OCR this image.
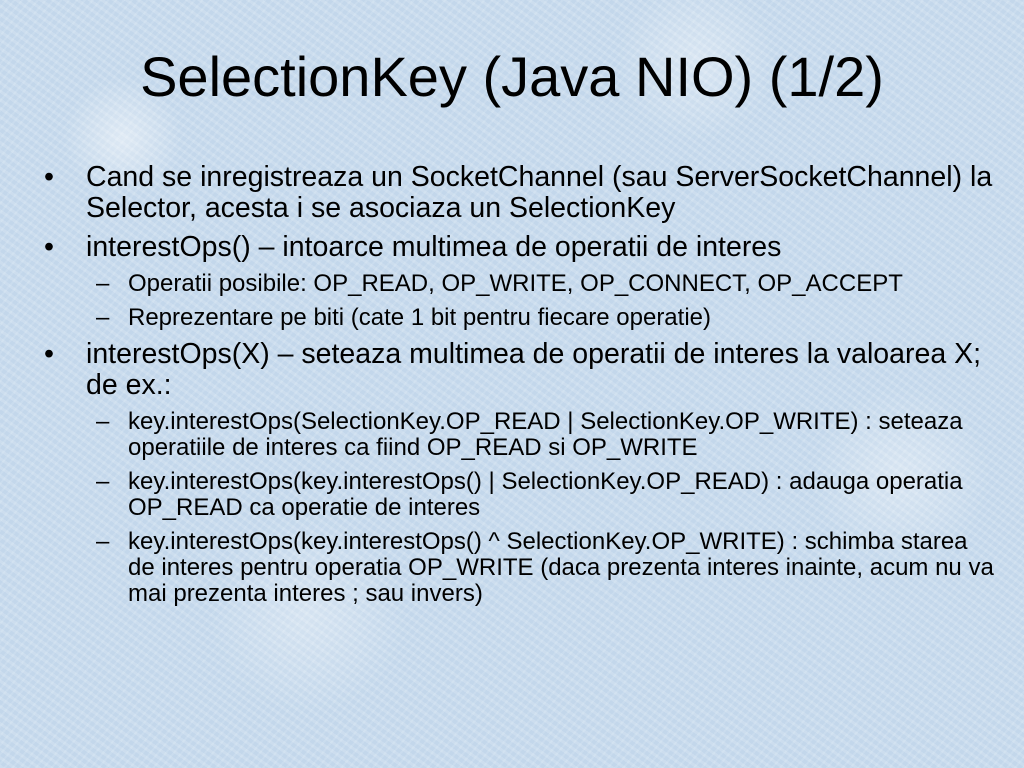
SelectionKey (Java NIO) (1/2)
• Cand se inregistreaza un SocketChannel (sau ServerSocketChannel) la Selector, acesta i se asociaza un SelectionKey
• interestOps() – intoarce multimea de operatii de interes
– Operatii posibile: OP_READ, OP_WRITE, OP_CONNECT, OP_ACCEPT
– Reprezentare pe biti (cate 1 bit pentru fiecare operatie)
• interestOps(X) – seteaza multimea de operatii de interes la valoarea X; de ex.:
– key.interestOps(SelectionKey.OP_READ | SelectionKey.OP_WRITE) : seteaza operatiile de interes ca fiind OP_READ si OP_WRITE
– key.interestOps(key.interestOps() | SelectionKey.OP_READ) : adauga operatia OP_READ ca operatie de interes
– key.interestOps(key.interestOps() ^ SelectionKey.OP_WRITE) : schimba starea de interes pentru operatia OP_WRITE (daca prezenta interes inainte, acum nu va mai prezenta interes ; sau invers)
